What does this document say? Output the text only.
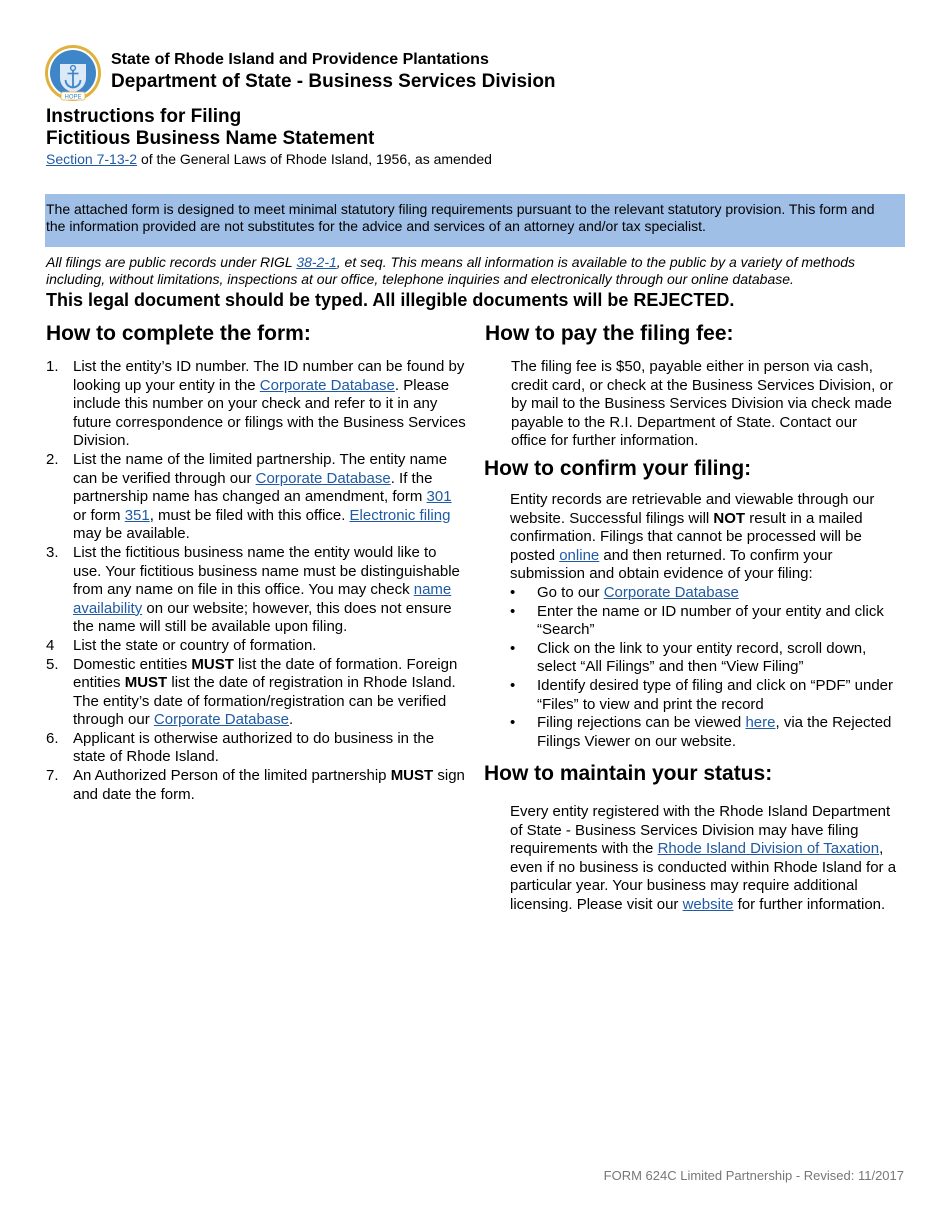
HOPE
State of Rhode Island and Providence Plantations
Department of State - Business Services Division
Instructions for Filing
Fictitious Business Name Statement
Section 7-13-2 of the General Laws of Rhode Island, 1956, as amended
The attached form is designed to meet minimal statutory filing requirements pursuant to the relevant statutory provision. This form and
the information provided are not substitutes for the advice and services of an attorney and/or tax specialist.
All filings are public records under RIGL 38-2-1, et seq. This means all information is available to the public by a variety of methods including, without limitations, inspections at our office, telephone inquiries and electronically through our online database.
This legal document should be typed. All illegible documents will be REJECTED.
How to complete the form:
1. List the entity’s ID number. The ID number can be found by looking up your entity in the Corporate Database. Please include this number on your check and refer to it in any future correspondence or filings with the Business Services Division.
2. List the name of the limited partnership. The entity name can be verified through our Corporate Database. If the partnership name has changed an amendment, form 301 or form 351, must be filed with this office. Electronic filing may be available.
3. List the fictitious business name the entity would like to use. Your fictitious business name must be distinguishable from any name on file in this office. You may check name availability on our website; however, this does not ensure the name will still be available upon filing.
4 List the state or country of formation.
5. Domestic entities MUST list the date of formation. Foreign entities MUST list the date of registration in Rhode Island. The entity’s date of formation/registration can be verified through our Corporate Database.
6. Applicant is otherwise authorized to do business in the state of Rhode Island.
7. An Authorized Person of the limited partnership MUST sign and date the form.
How to pay the filing fee:
The filing fee is $50, payable either in person via cash, credit card, or check at the Business Services Division, or by mail to the Business Services Division via check made payable to the R.I. Department of State. Contact our office for further information.
How to confirm your filing:

Entity records are retrievable and viewable through our website. Successful filings will NOT result in a mailed confirmation. Filings that cannot be processed will be posted online and then returned. To confirm your submission and obtain evidence of your filing:

• Go to our Corporate Database
• Enter the name or ID number of your entity and click “Search”
• Click on the link to your entity record, scroll down, select “All Filings” and then “View Filing”
• Identify desired type of filing and click on “PDF” under “Files” to view and print the record
• Filing rejections can be viewed here, via the Rejected Filings Viewer on our website.
How to maintain your status:
Every entity registered with the Rhode Island Department of State - Business Services Division may have filing requirements with the Rhode Island Division of Taxation, even if no business is conducted within Rhode Island for a particular year. Your business may require additional licensing. Please visit our website for further information.
FORM 624C Limited Partnership - Revised: 11/2017
